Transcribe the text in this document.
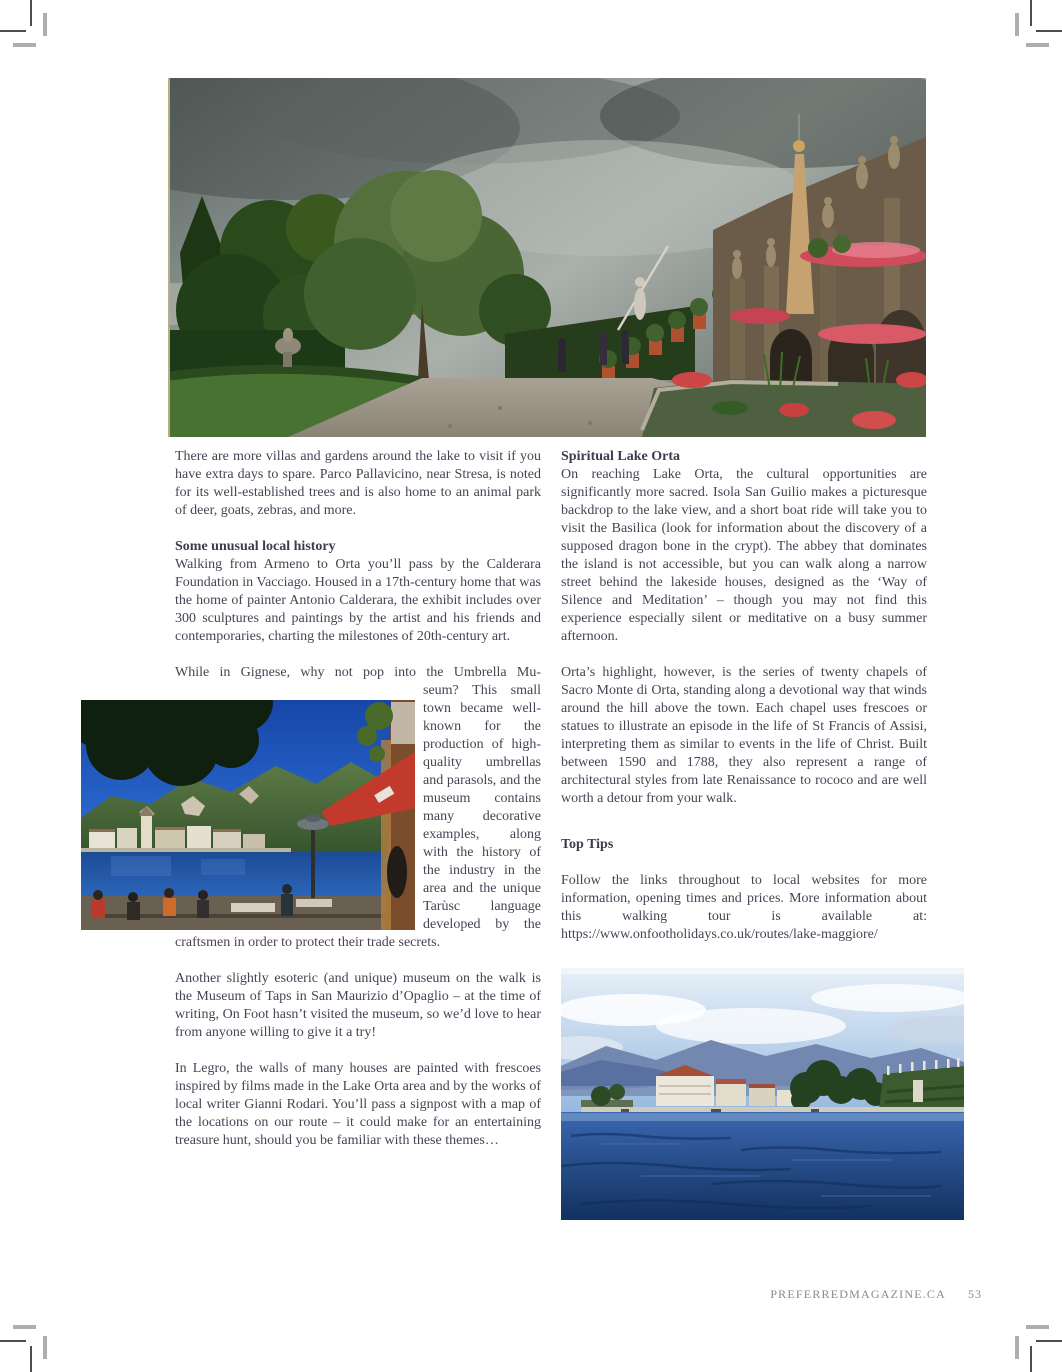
There are more villas and gardens around the lake to visit if you have extra days to spare. Parco Pallavicino, near Stresa, is noted for its well-established trees and is also home to an animal park of deer, goats, zebras, and more.

Some unusual local history

Walking from Armeno to Orta you’ll pass by the Calderara Foundation in Vacciago. Housed in a 17th-century home that was the home of painter Antonio Calderara, the exhibit includes over 300 sculptures and paintings by the artist and his friends and contemporaries, charting the milestones of 20th-century art.

While in Gignese, why not pop into the Umbrella Mu-
seum? This small town became well-known for the production of high-quality umbrellas and parasols, and the museum contains many decorative examples, along with the history of the industry in the area and the unique Tarùsc language developed by the craftsmen in order to protect their trade secrets.

Another slightly esoteric (and unique) museum on the walk is the Museum of Taps in San Maurizio d’Opaglio – at the time of writing, On Foot hasn’t visited the museum, so we’d love to hear from anyone willing to give it a try!

In Legro, the walls of many houses are painted with frescoes inspired by films made in the Lake Orta area and by the works of local writer Gianni Rodari. You’ll pass a signpost with a map of the locations on our route – it could make for an entertaining treasure hunt, should you be familiar with these themes…

Spiritual Lake Orta

On reaching Lake Orta, the cultural opportunities are significantly more sacred. Isola San Guilio makes a picturesque backdrop to the lake view, and a short boat ride will take you to visit the Basilica (look for information about the discovery of a supposed dragon bone in the crypt). The abbey that dominates the island is not accessible, but you can walk along a narrow street behind the lakeside houses, designed as the ‘Way of Silence and Meditation’ – though you may not find this experience especially silent or meditative on a busy summer afternoon.

Orta’s highlight, however, is the series of twenty chapels of Sacro Monte di Orta, standing along a devotional way that winds around the hill above the town. Each chapel uses frescoes or statues to illustrate an episode in the life of St Francis of Assisi, interpreting them as similar to events in the life of Christ. Built between 1590 and 1788, they also represent a range of architectural styles from late Renaissance to rococo and are well worth a detour from your walk.

Top Tips

Follow the links throughout to local websites for more information, opening times and prices. More information about this walking tour is available at: https://www.onfootholidays.co.uk/routes/lake-maggiore/

PREFERREDMAGAZINE.CA 53
